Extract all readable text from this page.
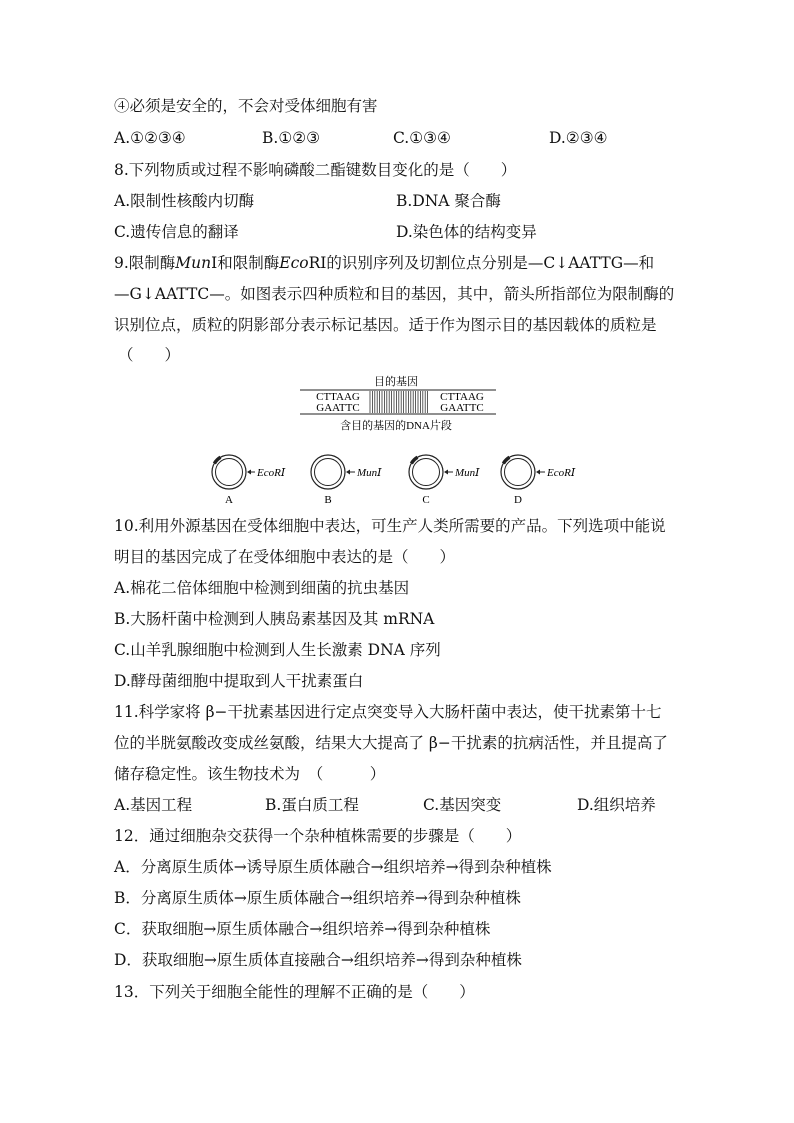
④必须是安全的，不会对受体细胞有害
A.①②③④	B.①②③	C.①③④	D.②③④
8.下列物质或过程不影响磷酸二酯键数目变化的是（　　）
A.限制性核酸内切酶	B.DNA 聚合酶
C.遗传信息的翻译	D.染色体的结构变异
9.限制酶MunⅠ和限制酶EcoRⅠ的识别序列及切割位点分别是—C↓AATTG—和
—G↓AATTC—。如图表示四种质粒和目的基因，其中，箭头所指部位为限制酶的
识别位点，质粒的阴影部分表示标记基因。适于作为图示目的基因载体的质粒是
（　　）
目的基因
CTTAAG
GAATTC
CTTAAG
GAATTC
含目的基因的DNA片段
EcoRⅠ
A
MunⅠ
B
MunⅠ
C
EcoRⅠ
D
10.利用外源基因在受体细胞中表达，可生产人类所需要的产品。下列选项中能说
明目的基因完成了在受体细胞中表达的是（　　）
A.棉花二倍体细胞中检测到细菌的抗虫基因
B.大肠杆菌中检测到人胰岛素基因及其 mRNA
C.山羊乳腺细胞中检测到人生长激素 DNA 序列
D.酵母菌细胞中提取到人干扰素蛋白
11.科学家将 β−干扰素基因进行定点突变导入大肠杆菌中表达，使干扰素第十七
位的半胱氨酸改变成丝氨酸，结果大大提高了 β−干扰素的抗病活性，并且提高了
储存稳定性。该生物技术为　（　　　）
A.基因工程	B.蛋白质工程	C.基因突变	D.组织培养
12．通过细胞杂交获得一个杂种植株需要的步骤是（　　）
A．分离原生质体→诱导原生质体融合→组织培养→得到杂种植株
B．分离原生质体→原生质体融合→组织培养→得到杂种植株
C．获取细胞→原生质体融合→组织培养→得到杂种植株
D．获取细胞→原生质体直接融合→组织培养→得到杂种植株
13．下列关于细胞全能性的理解不正确的是（　　）
